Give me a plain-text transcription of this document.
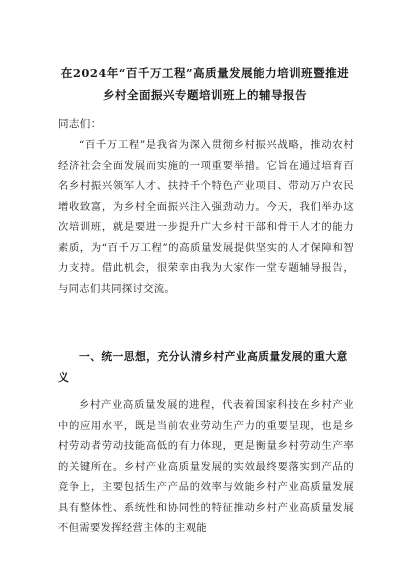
在2024年“百千万工程”高质量发展能力培训班暨推进乡村全面振兴专题培训班上的辅导报告
同志们：

“百千万工程”是我省为深入贯彻乡村振兴战略，推动农村经济社会全面发展而实施的一项重要举措。它旨在通过培育百名乡村振兴领军人才、扶持千个特色产业项目、带动万户农民增收致富，为乡村全面振兴注入强劲动力。今天，我们举办这次培训班，就是要进一步提升广大乡村干部和骨干人才的能力素质，为“百千万工程”的高质量发展提供坚实的人才保障和智力支持。借此机会，很荣幸由我为大家作一堂专题辅导报告，与同志们共同探讨交流。

一、统一思想，充分认清乡村产业高质量发展的重大意义

乡村产业高质量发展的进程，代表着国家科技在乡村产业中的应用水平，既是当前农业劳动生产力的重要呈现，也是乡村劳动者劳动技能高低的有力体现，更是衡量乡村劳动生产率的关键所在。乡村产业高质量发展的实效最终要落实到产品的竞争上，主要包括生产产品的效率与效能乡村产业高质量发展具有整体性、系统性和协同性的特征推动乡村产业高质量发展不但需要发挥经营主体的主观能
